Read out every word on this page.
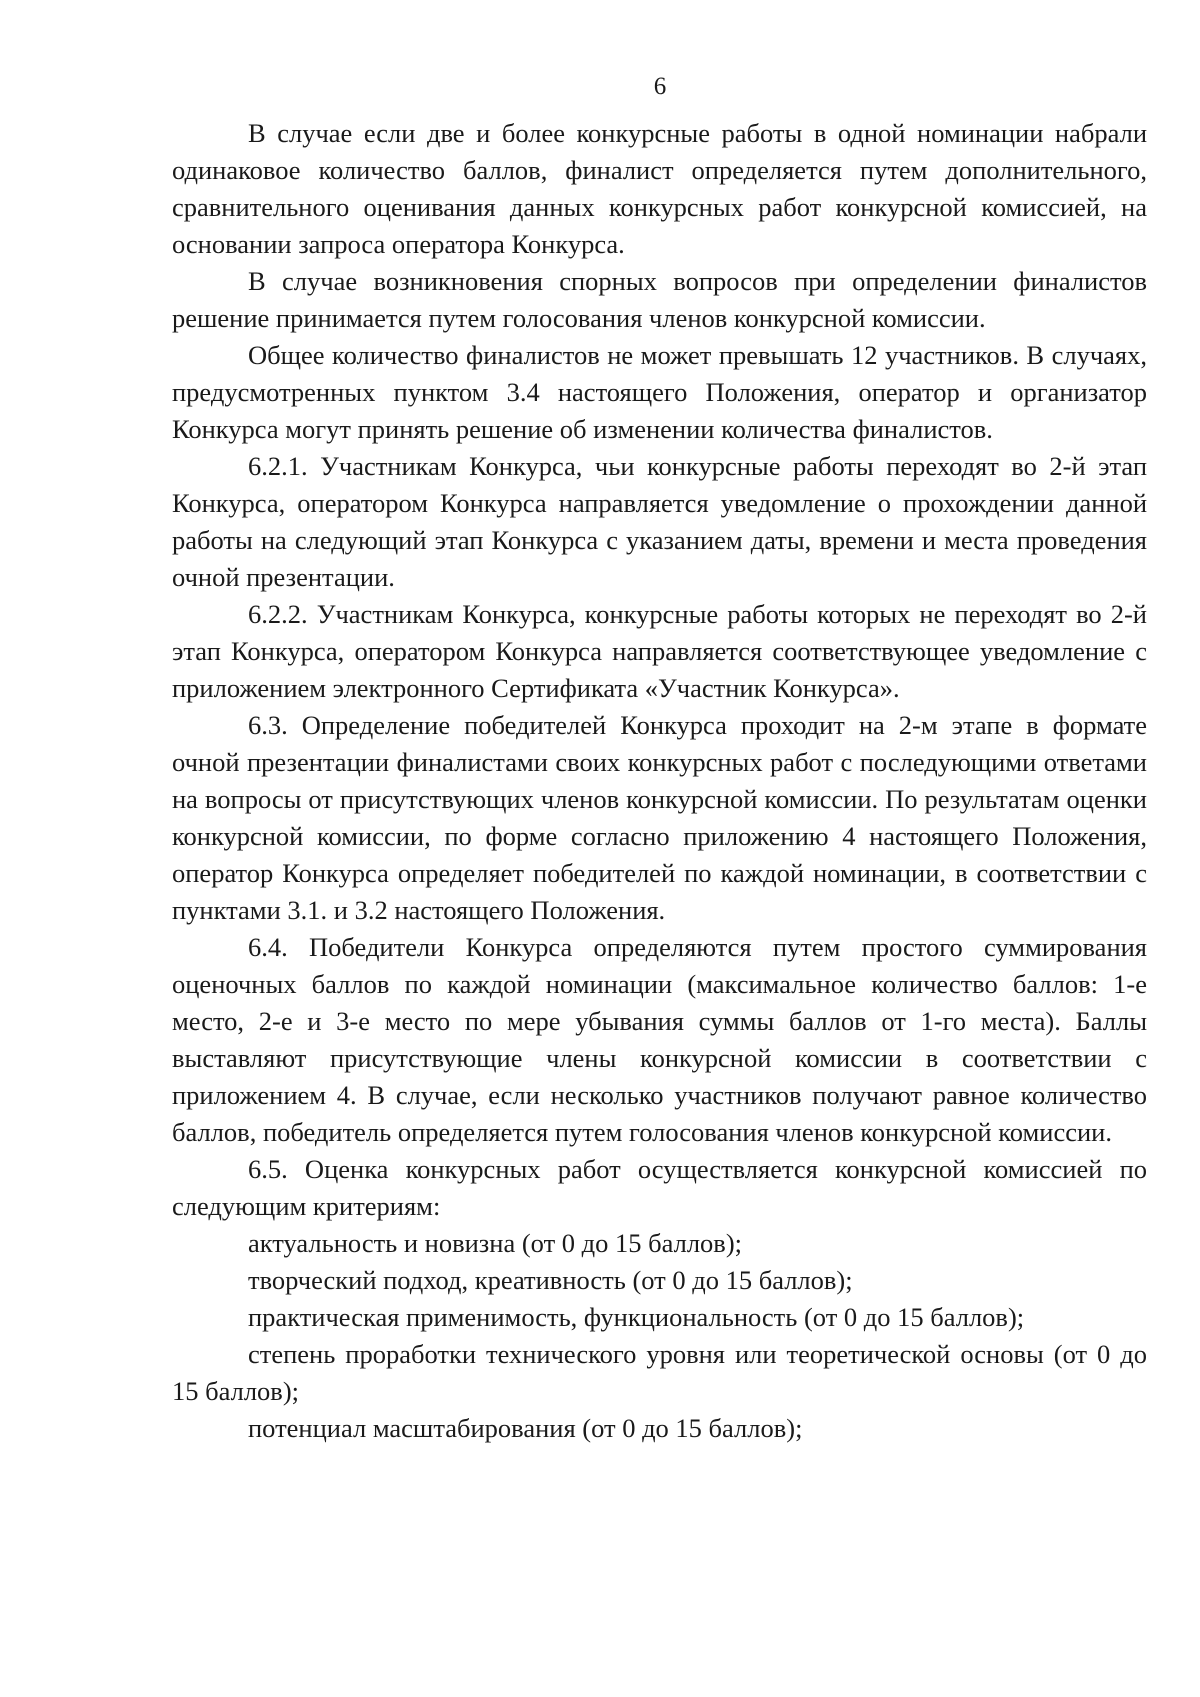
6

В случае если две и более конкурсные работы в одной номинации набрали одинаковое количество баллов, финалист определяется путем дополнительного, сравнительного оценивания данных конкурсных работ конкурсной комиссией, на основании запроса оператора Конкурса.

В случае возникновения спорных вопросов при определении финалистов решение принимается путем голосования членов конкурсной комиссии.

Общее количество финалистов не может превышать 12 участников. В случаях, предусмотренных пунктом 3.4 настоящего Положения, оператор и организатор Конкурса могут принять решение об изменении количества финалистов.

6.2.1. Участникам Конкурса, чьи конкурсные работы переходят во 2-й этап Конкурса, оператором Конкурса направляется уведомление о прохождении данной работы на следующий этап Конкурса с указанием даты, времени и места проведения очной презентации.

6.2.2. Участникам Конкурса, конкурсные работы которых не переходят во 2-й этап Конкурса, оператором Конкурса направляется соответствующее уведомление с приложением электронного Сертификата «Участник Конкурса».

6.3. Определение победителей Конкурса проходит на 2-м этапе в формате очной презентации финалистами своих конкурсных работ с последующими ответами на вопросы от присутствующих членов конкурсной комиссии. По результатам оценки конкурсной комиссии, по форме согласно приложению 4 настоящего Положения, оператор Конкурса определяет победителей по каждой номинации, в соответствии с пунктами 3.1. и 3.2 настоящего Положения.

6.4. Победители Конкурса определяются путем простого суммирования оценочных баллов по каждой номинации (максимальное количество баллов: 1-е место, 2-е и 3-е место по мере убывания суммы баллов от 1-го места). Баллы выставляют присутствующие члены конкурсной комиссии в соответствии с приложением 4. В случае, если несколько участников получают равное количество баллов, победитель определяется путем голосования членов конкурсной комиссии.

6.5. Оценка конкурсных работ осуществляется конкурсной комиссией по следующим критериям:

актуальность и новизна (от 0 до 15 баллов);

творческий подход, креативность (от 0 до 15 баллов);

практическая применимость, функциональность (от 0 до 15 баллов);

степень проработки технического уровня или теоретической основы (от 0 до 15 баллов);

потенциал масштабирования (от 0 до 15 баллов);
